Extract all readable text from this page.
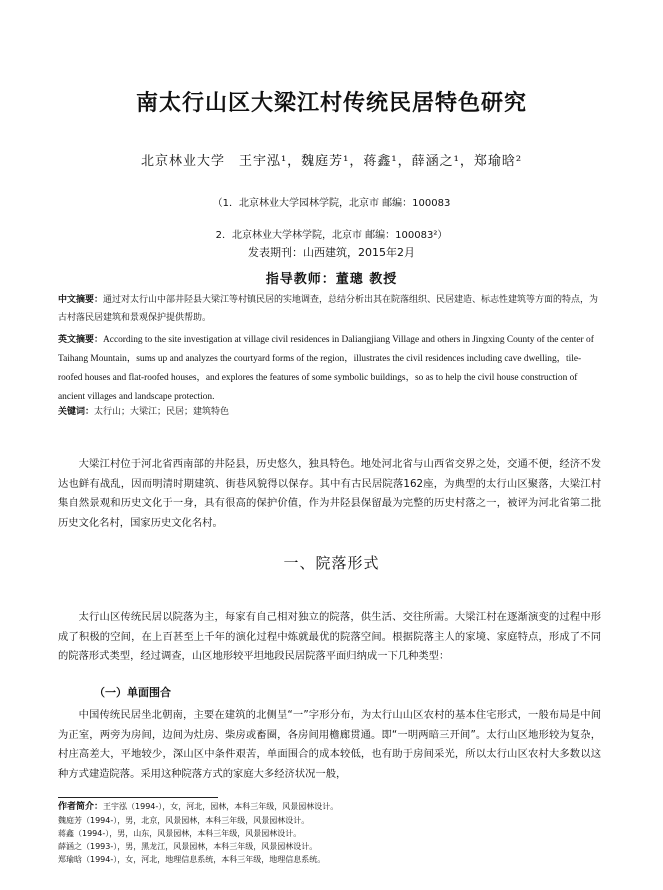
南太行山区大梁江村传统民居特色研究
北京林业大学 王宇泓¹，魏庭芳¹，蒋鑫¹，薛涵之¹，郑瑜晗²
（1．北京林业大学园林学院，北京市 邮编：100083
2．北京林业大学林学院，北京市 邮编：100083²）
发表期刊：山西建筑，2015年2月
指导教师：董璁 教授
中文摘要：通过对太行山中部井陉县大梁江等村镇民居的实地调查，总结分析出其在院落组织、民居建造、标志性建筑等方面的特点，为古村落民居建筑和景观保护提供帮助。
英文摘要：According to the site investigation at village civil residences in Daliangjiang Village and others in Jingxing County of the center of Taihang Mountain，sums up and analyzes the courtyard forms of the region，illustrates the civil residences including cave dwelling，tile-roofed houses and flat-roofed houses，and explores the features of some symbolic buildings，so as to help the civil house construction of ancient villages and landscape protection.
关键词：太行山；大梁江；民居；建筑特色
大梁江村位于河北省西南部的井陉县，历史悠久，独具特色。地处河北省与山西省交界之处，交通不便，经济不发达也鲜有战乱，因而明清时期建筑、街巷风貌得以保存。其中有古民居院落162座，为典型的太行山区聚落，大梁江村集自然景观和历史文化于一身，具有很高的保护价值，作为井陉县保留最为完整的历史村落之一，被评为河北省第二批历史文化名村，国家历史文化名村。
一、院落形式
太行山区传统民居以院落为主，每家有自己相对独立的院落，供生活、交往所需。大梁江村在逐渐演变的过程中形成了积极的空间，在上百甚至上千年的演化过程中炼就最优的院落空间。根据院落主人的家境、家庭特点，形成了不同的院落形式类型，经过调查，山区地形较平坦地段民居院落平面归纳成一下几种类型：
（一）单面围合
中国传统民居坐北朝南，主要在建筑的北侧呈“一”字形分布，为太行山山区农村的基本住宅形式，一般布局是中间为正室，两旁为房间，边间为灶房、柴房或畜圈，各房间用檐廊贯通。即“一明两暗三开间”。太行山区地形较为复杂，村庄高差大，平地较少，深山区中条件艰苦，单面围合的成本较低，也有助于房间采光，所以太行山区农村大多数以这种方式建造院落。采用这种院落方式的家庭大多经济状况一般，
作者简介：王宇泓（1994-），女，河北，园林，本科三年级，风景园林设计。
魏庭芳（1994-），男，北京，风景园林，本科三年级，风景园林设计。
蒋鑫（1994-），男，山东，风景园林，本科三年级，风景园林设计。
薛涵之（1993-），男，黑龙江，风景园林，本科三年级，风景园林设计。
郑瑜晗（1994-），女，河北，地理信息系统，本科三年级，地理信息系统。
